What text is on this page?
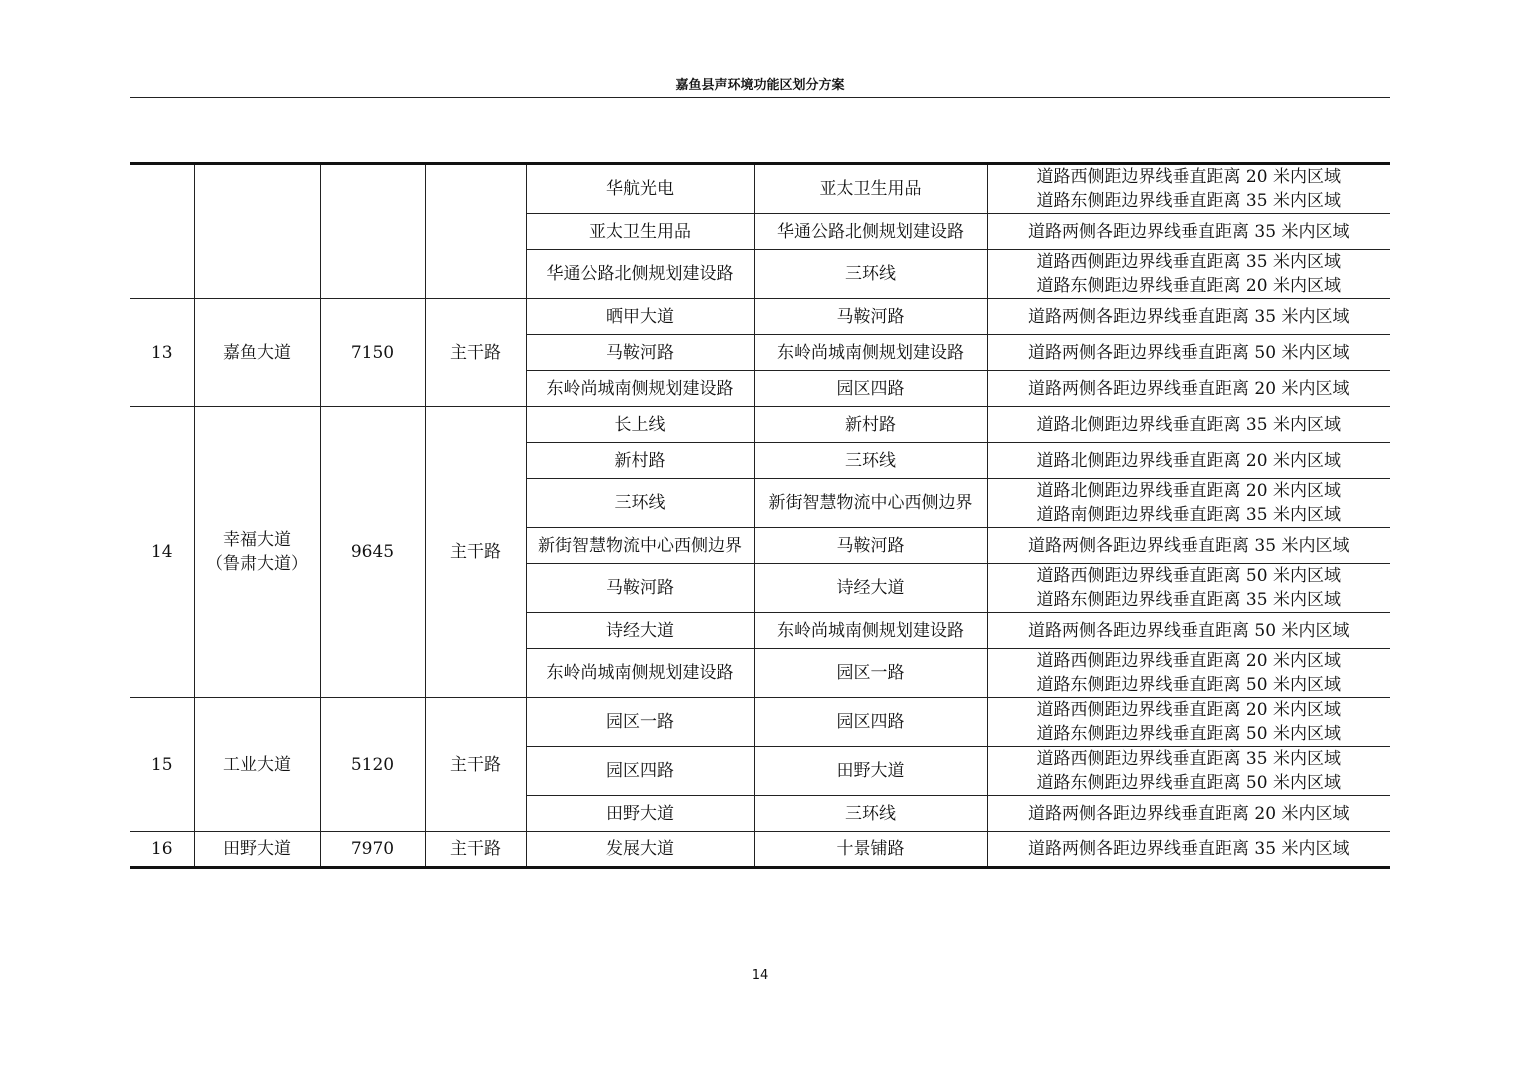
嘉鱼县声环境功能区划分方案
				华航光电	亚太卫生用品	道路西侧距边界线垂直距离 20 米内区域
道路东侧距边界线垂直距离 35 米内区域

				亚太卫生用品	华通公路北侧规划建设路	道路两侧各距边界线垂直距离 35 米内区域

				华通公路北侧规划建设路	三环线	道路西侧距边界线垂直距离 35 米内区域
道路东侧距边界线垂直距离 20 米内区域

13	嘉鱼大道	7150	主干路	晒甲大道	马鞍河路	道路两侧各距边界线垂直距离 35 米内区域

				马鞍河路	东岭尚城南侧规划建设路	道路两侧各距边界线垂直距离 50 米内区域

				东岭尚城南侧规划建设路	园区四路	道路两侧各距边界线垂直距离 20 米内区域

14	幸福大道
（鲁肃大道）	9645	主干路	长上线	新村路	道路北侧距边界线垂直距离 35 米内区域

				新村路	三环线	道路北侧距边界线垂直距离 20 米内区域

				三环线	新街智慧物流中心西侧边界	道路北侧距边界线垂直距离 20 米内区域
道路南侧距边界线垂直距离 35 米内区域

				新街智慧物流中心西侧边界	马鞍河路	道路两侧各距边界线垂直距离 35 米内区域

				马鞍河路	诗经大道	道路西侧距边界线垂直距离 50 米内区域
道路东侧距边界线垂直距离 35 米内区域

				诗经大道	东岭尚城南侧规划建设路	道路两侧各距边界线垂直距离 50 米内区域

				东岭尚城南侧规划建设路	园区一路	道路西侧距边界线垂直距离 20 米内区域
道路东侧距边界线垂直距离 50 米内区域

15	工业大道	5120	主干路	园区一路	园区四路	道路西侧距边界线垂直距离 20 米内区域
道路东侧距边界线垂直距离 50 米内区域

				园区四路	田野大道	道路西侧距边界线垂直距离 35 米内区域
道路东侧距边界线垂直距离 50 米内区域

				田野大道	三环线	道路两侧各距边界线垂直距离 20 米内区域

16	田野大道	7970	主干路	发展大道	十景铺路	道路两侧各距边界线垂直距离 35 米内区域
14
